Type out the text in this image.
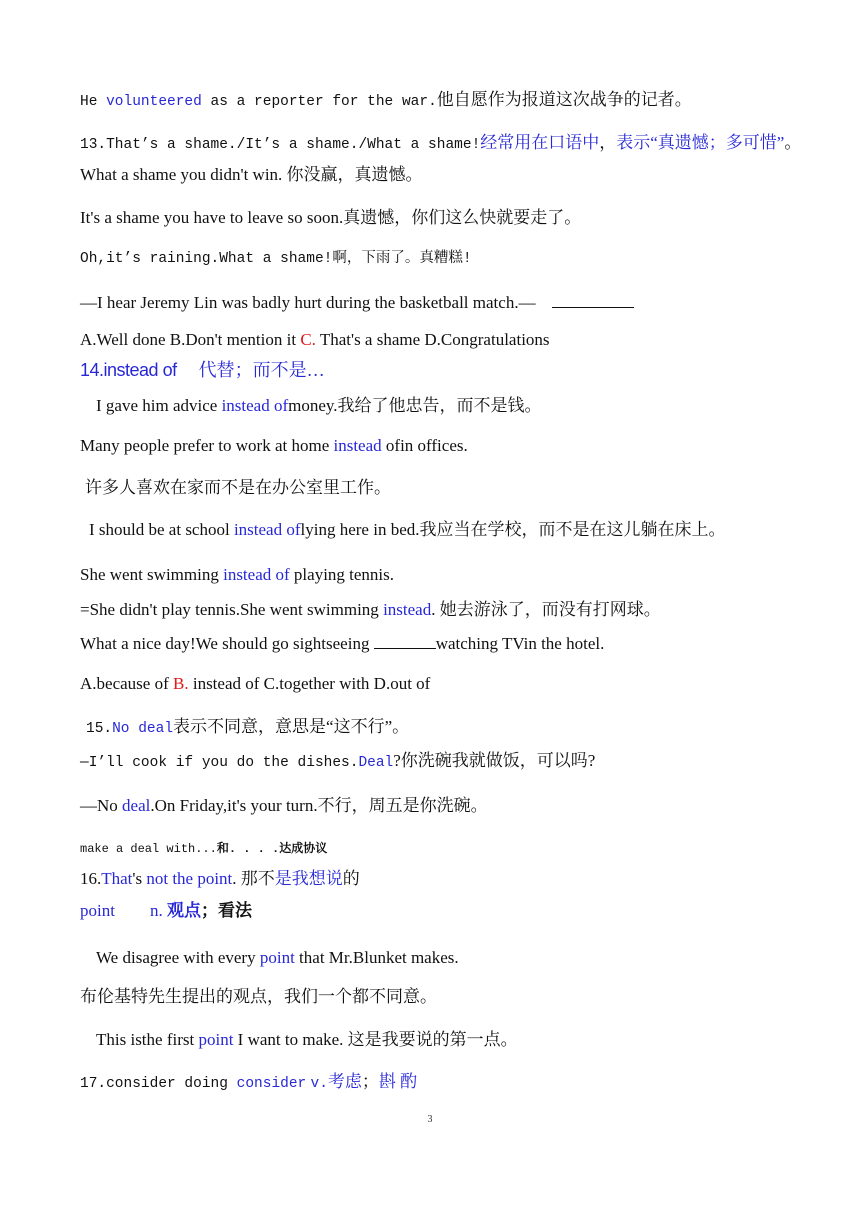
He volunteered as a reporter for the war.他自愿作为报道这次战争的记者。
13.That’s a shame./It’s a shame./What a shame!经常用在口语中，表示“真遗憾；多可惜”。
What a shame you didn't win. 你没赢，真遗憾。
It's a shame you have to leave so soon.真遗憾，你们这么快就要走了。
Oh,it’s raining.What a shame!啊，下雨了。真糟糕!
—I hear Jeremy Lin was badly hurt during the basketball match.—
A.Well done B.Don't mention it C. That's a shame D.Congratulations
14.instead of 代替；而不是…
I gave him advice instead ofmoney.我给了他忠告，而不是钱。
Many people prefer to work at home instead ofin offices.
许多人喜欢在家而不是在办公室里工作。
I should be at school instead oflying here in bed.我应当在学校，而不是在这儿躺在床上。
She went swimming instead of playing tennis.
=She didn't play tennis.She went swimming instead. 她去游泳了，而没有打网球。
What a nice day!We should go sightseeing	watching TVin the hotel.
A.because of B. instead of C.together with D.out of
15.No deal表示不同意，意思是“这不行”。
—I’ll cook if you do the dishes.Deal?你洗碗我就做饭，可以吗?
—No deal.On Friday,it's your turn.不行，周五是你洗碗。
make a deal with...和. . . .达成协议
16.That's not the point. 那不是我想说的
point n. 观点；看法
We disagree with every point that Mr.Blunket makes.
布伦基特先生提出的观点，我们一个都不同意。
This isthe first point I want to make. 这是我要说的第一点。
17.consider doing consider v.考虑；斟 酌
3
